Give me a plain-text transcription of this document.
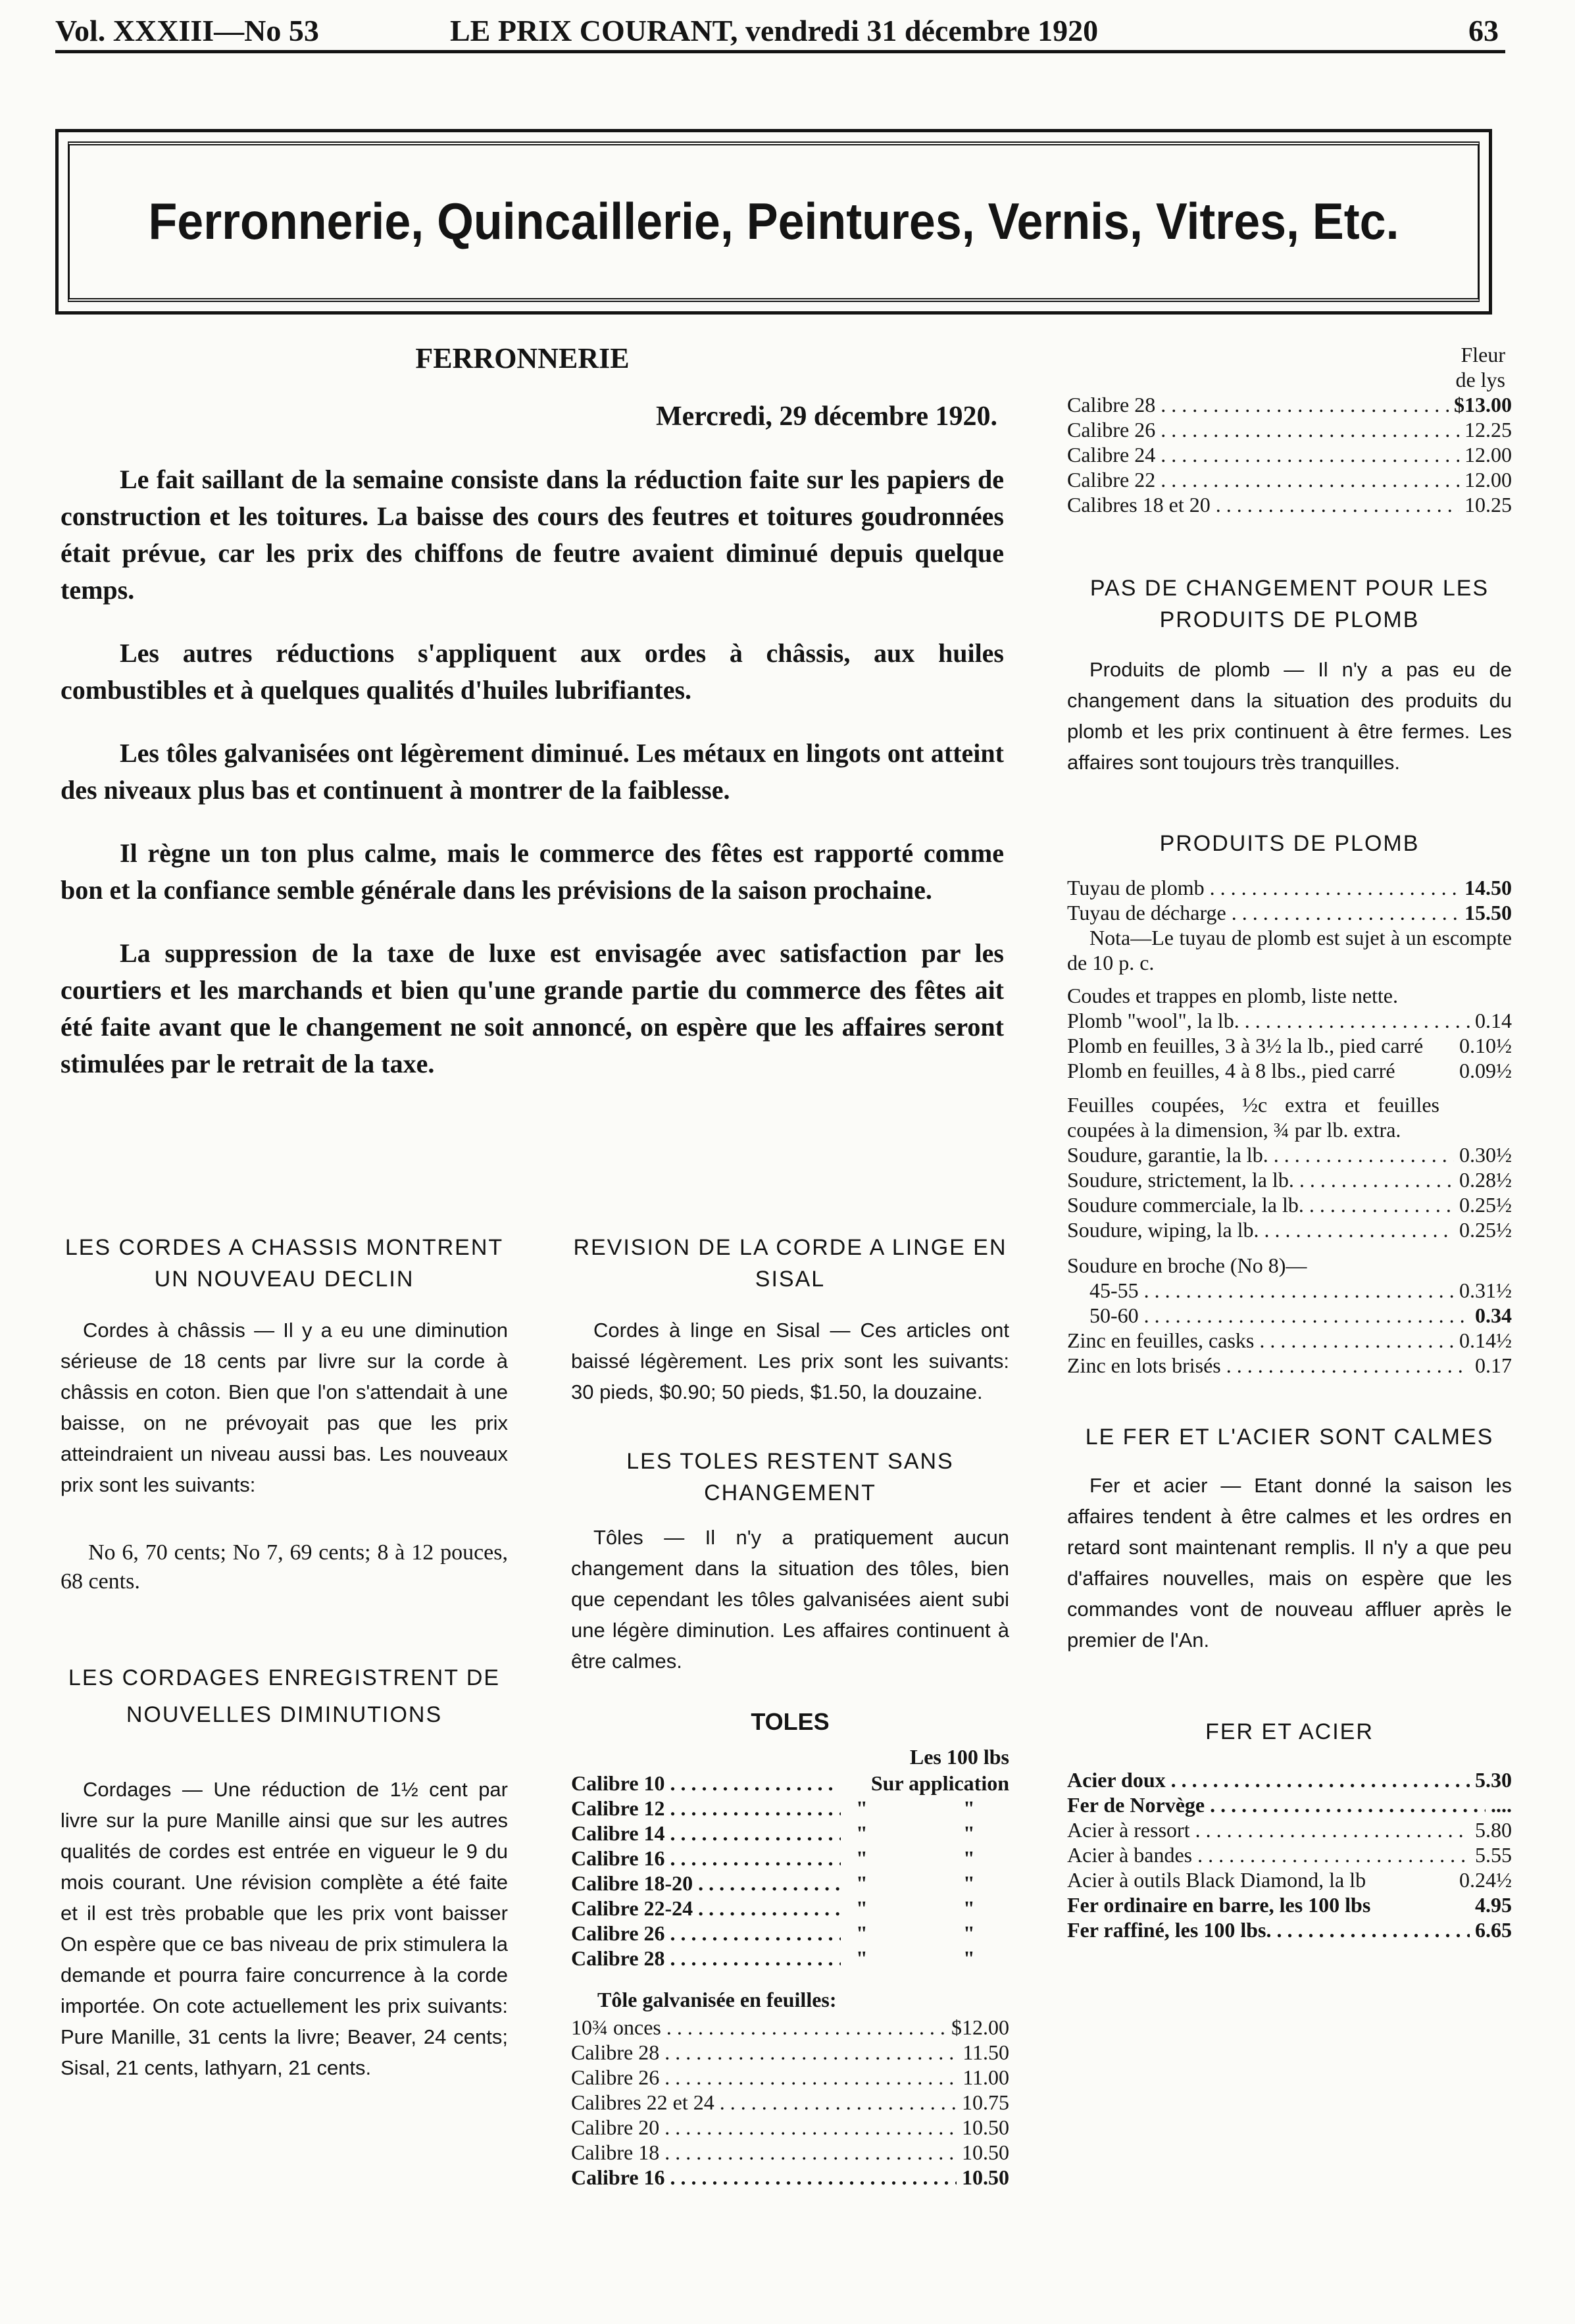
Vol. XXXIII—No 53	LE PRIX COURANT, vendredi 31 décembre 1920	63
Ferronnerie, Quincaillerie, Peintures, Vernis, Vitres, Etc.
FERRONNERIE
Mercredi, 29 décembre 1920.

Le fait saillant de la semaine consiste dans la réduction faite sur les papiers de construction et les toitures. La baisse des cours des feutres et toitures goudronnées était prévue, car les prix des chiffons de feutre avaient diminué depuis quelque temps.

Les autres réductions s'appliquent aux ordes à châssis, aux huiles combustibles et à quelques qualités d'huiles lubrifiantes.

Les tôles galvanisées ont légèrement diminué. Les métaux en lingots ont atteint des niveaux plus bas et continuent à montrer de la faiblesse.

Il règne un ton plus calme, mais le commerce des fêtes est rapporté comme bon et la confiance semble générale dans les prévisions de la saison prochaine.

La suppression de la taxe de luxe est envisagée avec satisfaction par les courtiers et les marchands et bien qu'une grande partie du commerce des fêtes ait été faite avant que le changement ne soit annoncé, on espère que les affaires seront stimulées par le retrait de la taxe.

LES CORDES A CHASSIS MONTRENT UN NOUVEAU DECLIN

Cordes à châssis — Il y a eu une diminution sérieuse de 18 cents par livre sur la corde à châssis en coton. Bien que l'on s'attendait à une baisse, on ne prévoyait pas que les prix atteindraient un niveau aussi bas. Les nouveaux prix sont les suivants:

No 6, 70 cents; No 7, 69 cents; 8 à 12 pouces, 68 cents.

LES CORDAGES ENREGISTRENT DE NOUVELLES DIMINUTIONS

Cordages — Une réduction de 1½ cent par livre sur la pure Manille ainsi que sur les autres qualités de cordes est entrée en vigueur le 9 du mois courant. Une révision complète a été faite et il est très probable que les prix vont baisser On espère que ce bas niveau de prix stimulera la demande et pourra faire concurrence à la corde importée. On cote actuellement les prix suivants: Pure Manille, 31 cents la livre; Beaver, 24 cents; Sisal, 21 cents, lathyarn, 21 cents.

REVISION DE LA CORDE A LINGE EN SISAL

Cordes à linge en Sisal — Ces articles ont baissé légèrement. Les prix sont les suivants: 30 pieds, $0.90; 50 pieds, $1.50, la douzaine.

LES TOLES RESTENT SANS CHANGEMENT

Tôles — Il n'y a pratiquement aucun changement dans la situation des tôles, bien que cependant les tôles galvanisées aient subi une légère diminution. Les affaires continuent à être calmes.

TOLES
Les 100 lbs
Calibre 10 . . .	Sur application
Calibre 12 . . .	"	"
Calibre 14 . . .	"	"
Calibre 16 . . .	"	"
Calibre 18-20 . . .	"	"
Calibre 22-24 . . .	"	"
Calibre 26 . . .	"	"
Calibre 28 . . .	"	"
Tôle galvanisée en feuilles:
10¾ onces . . .	$12.00
Calibre 28 . . .	11.50
Calibre 26 . . .	11.00
Calibres 22 et 24 . . .	10.75
Calibre 20 . . .	10.50
Calibre 18 . . .	10.50
Calibre 16 . . .	10.50
Fleur
de lys
Calibre 28 . . .	$13.00
Calibre 26 . . .	12.25
Calibre 24 . . .	12.00
Calibre 22 . . .	12.00
Calibres 18 et 20 . . .	10.25
PAS DE CHANGEMENT POUR LES PRODUITS DE PLOMB

Produits de plomb — Il n'y a pas eu de changement dans la situation des produits du plomb et les prix continuent à être fermes. Les affaires sont toujours très tranquilles.

PRODUITS DE PLOMB
Tuyau de plomb . . .	14.50
Tuyau de décharge . . .	15.50

Nota—Le tuyau de plomb est sujet à un escompte de 10 p. c.

Coudes et trappes en plomb, liste nette.

Plomb "wool", la lb. . . .	0.14
Plomb en feuilles, 3 à 3½ la lb., pied carré	0.10½
Plomb en feuilles, 4 à 8 lbs., pied carré	0.09½

Feuilles coupées, ½c extra et feuilles coupées à la dimension, ¾ par lb. extra.

Soudure, garantie, la lb. . . .	0.30½
Soudure, strictement, la lb. . . .	0.28½
Soudure commerciale, la lb. . . .	0.25½
Soudure, wiping, la lb. . . .	0.25½
Soudure en broche (No 8)—
45-55 . . .	0.31½
50-60 . . .	0.34
Zinc en feuilles, casks . . .	0.14½
Zinc en lots brisés . . .	0.17
LE FER ET L'ACIER SONT CALMES

Fer et acier — Etant donné la saison les affaires tendent à être calmes et les ordres en retard sont maintenant remplis. Il n'y a que peu d'affaires nouvelles, mais on espère que les commandes vont de nouveau affluer après le premier de l'An.

FER ET ACIER
Acier doux . . .	5.30
Fer de Norvège . . .	....
Acier à ressort . . .	5.80
Acier à bandes . . .	5.55
Acier à outils Black Diamond, la lb	0.24½
Fer ordinaire en barre, les 100 lbs	4.95
Fer raffiné, les 100 lbs. . . .	6.65
